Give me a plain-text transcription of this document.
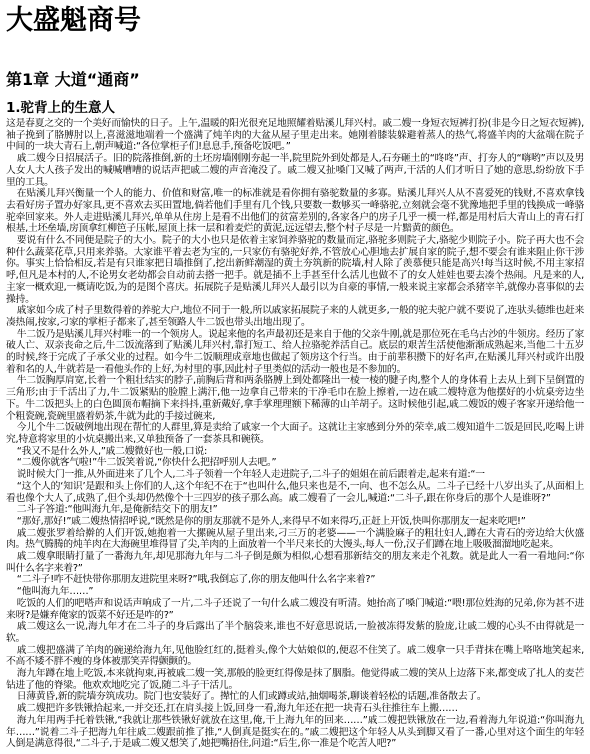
大盛魁商号
第1章 大道“通商”
1.驼背上的生意人

这是春夏之交的一个美好而愉快的日子。上午,温暖的阳光很充足地照耀着贴溪儿拜兴村。戚二嫂一身短衣短裤打扮(非是今日之短衣短裤),袖子挽到了胳膊肘以上,喜滋滋地端着一个盛满了炖羊肉的大盆从屋子里走出来。她刚着膝装躲避着蒸人的热气,将盛羊肉的大盆端在院子中间的一块大青石上,朝声喊道:“各位掌柜子们!息息手,预备吃饭吧。”

戚二嫂今日招展活子。旧的院落推倒,新的土坯房墙刚刚夯起一半,院里院外到处都是人,石夯砸土的“咚咚”声、打夯人的“嗨哟”声以及男人女人大人孩子发出的喊喊嘈嘈的说话声把戚二嫂的声音淹没了。戚二嫂又扯嗓门又喊了两声,干活的人们才听日了她的意思,纷纷放下手里的工具。

在贴溪儿拜兴衡量一个人的能力、价值和财富,唯一的标准就是看你拥有骆驼数量的多寡。贴溪儿拜兴人从不喜爱死的钱财,不喜欢拿钱去看好房子置办好家具,更不喜欢去买田置地,倘若他们手里有几个钱,只要数一数够买一峰骆驼,立刻就会毫不犹豫地把手里的钱换成一峰骆驼牵回家来。外人走进贴溪儿拜兴,单单从住房上是看不出他们的贫富差别的,各家各户的房子几乎一模一样,都是用村后大青山上的青石打根基,土坯垒墙,房顶拿红柳笆子压帐,屋顶上抹一层和着麦烂的黄泥,远远望去,整个村子尽是一片黯黄的颜色。

要说有什么不同便是院子的大小。院子的大小也只是依着主家饲养骆驼的数量而定,骆驼多则院子大,骆驼少则院子小。院子再大也不会种什么蔬菜花草,只用来养骆。大家谁平着去老为宝的,一只家仿有骆驼好养,不管放心心胆地去扩展自家的院子,想不要会有谁来阻止你干涉你。事实上恰恰相反,若是有只谁家把日墙推倒了,挖出新鲜潮湿的黄土夯筑新的院墙,村人除了羡慕便只能是高兴!每当这时候,不用主家招呼,但凡是本村的人,不论男女老幼都会自动前去搭一把手。就是插不上手甚至什么活儿也做不了的女人娃娃也要去凑个热闹。凡是来的人,主家一概欢迎,一概请吃饭,为的是图个喜庆。拓展院子是贴溪儿拜兴人最引以为自豪的事情,一般来说主家都会杀猪宰羊,就像办喜事似的去操持。

戚家如今成了村子里数得着的养驼大户,地位不同于一般,所以戚家拓展院子来的人就更多,一般的驼夫驼户就不要说了,连驮头德维也赶来凑热闹,按家,刁家的掌柜子都来了,甚至领路人牛二饭也带头出地出现了。

牛二饭乃是贴溪儿拜兴村唯一的一个领房人。说起来他的名声最初还是来自于他的父亲牛刚,就是那位死在毛乌古沙的牛领房。经历了家破人亡、双亲丧命之后,牛二饭流落到了贴溪儿拜兴村,靠打短工、给人拉骆驼养活自己。底层的艰苦生活使他渐渐成熟起来,当他二十五岁的时候,终于完成了子承父业的过程。如今牛二饭顺理成章地也做起了领房这个行当。由于前辈积攒下的好名声,在贴溪儿拜兴村或许出殷着和名的人,牛就若是一看他头作的上好,为村里的事,因此村子里类似的活动一般也是不参加的。

牛二饭胸厚肩宽,长着一个粗壮结实的脖子,前胸后背和两条胳膊上到处都隆出一棱一棱的腱子肉,整个人的身体看上去从上到下呈倒置的三角形;由于千活出了力,牛二饭紧贴的脸膛上满汗,他一边拿自己带来的干净毛巾在脸上擦着,一边在戚二嫂特意为他摆好的小炕桌旁边坐下。牛二饭把头上的白色圆顶布帽摘下来抖抖,重新戴好,拿手掌理理额下稀薄的山羊胡子。这时候他引起,戚二嫂饭的嫂子客家开递给他一个粗瓷碗,瓷碗里盛着奶茶,牛就为此的手接过碗来,

今儿个牛二饭破例地出现在帮忙的人群里,算是卖给了戚家一个大面子。这就让主家感到分外的荣幸,戚二嫂知道牛二饭是回民,吃喝上讲究,特意将家里的小炕桌搬出来,又单独预备了一套茶具和碗筷。

“我又不是什么外人,”戚二嫂微好也一般,口说:

“二嫂你就客气啦!”牛二饭笑着说,“你快什么把招呼别人去吧。”

说时候大门一推,从外面进来了几个人,二斗子领着一个年轻人走进院子,二斗子的姐姐在前后跟着走,起来有道:“一

“这个人的‘知识’是跟和头上你们的人,这个年纪不在于“也叫什么,他只来也是不,一向、也不怎么从。二斗子已经十八岁出头了,从面相上看也像个大人了,成熟了,但个头却仍然像个十三四岁的孩子那么高。戚二嫂看了一会儿,喊道:“二斗子,跟在你身后的那个人是谁呀?”

二斗子答道:“他叫海九年,是俺新结交下的朋友!”

“那好,那好!”戚二嫂热情招呼说,“既然是你的朋友那就不是外人,来得早不如来得巧,正赶上开饭,快叫你那朋友一起来吃吧!”

戚二嫂张罗着给擀的人们开饭,她抱着一大摞碗从屋子里出来,刁三万的老婆——一个满脸麻子的粗壮妇人,蹲在大青石的旁边给大伙盛肉。热气腾腾的炖羊肉在大海碗里堆得冒了尖,羊肉的上面放着一个半尺来长的大馒头,每人一份,汉子们蹲在地上吸吸溜溜地吃起来。

戚二嫂拿眼睛打量了一番海九年,却见那海九年与二斗子倒是颇为相似,心想看那新结交的朋友来走个礼数。就是此人一看一看地问:“你叫什么名字来着?”

“二斗子!咋不赶快带你那朋友进院里来呀?”哦,我倒忘了,你的朋友他叫什么名字来着?”

“他叫海九年……”

吃饭的人们的吧嗒声和说话声响成了一片,二斗子还说了一句什么戚二嫂没有听清。她抬高了嗓门喊道:“喂!那位姓海的兄弟,你为甚不进来呀?是嫌弃俺家的饭菜不好还是咋的?”

戚二嫂这么一说,海九年才在二斗子的身后露出了半个脑袋来,谁也不好意思说话,一脸被冻得发紫的脸庞,让戚二嫂的心头不由得就是一软。

戚二嫂把盛满了羊肉的碗递给海九年,见他脸红红的,挺着头,像个大姑娘似的,便忍不住笑了。戚二嫂拿一只手背抹在嘴上咯咯地笑起来,不高不矮不胖不瘦的身体被那笑弄得颤颤的。

海九年蹲在地上吃饭,本来就拘束,再被戚二嫂一笑,那般的脸更红得像是抹了胭脂。他觉得戚二嫂的笑从上边落下来,都变成了扎人的麦芒钻进了他的脊梁。他欢欢地吃完了饭,随二斗子干活儿。

日薄黄昏,新的院墙夯筑成功。院门也安装好了。撵忙的人们或蹲或站,抽烟喝茶,聊谈着轻松的话题,准备散去了。

戚二嫂把许多铁锹拾起来,一并交还,扛在肩头接上饭,回身一看,海九年还在把一块青石头往推往车上搬……

海九年用两手托着铁锹,“我就让那些铁锹好就放在这里,俺,干上海九年的回来……”戚二嫂把铁锹放在一边,看着海九年说道:“你叫海九年……”说着二斗子把海九年往戚二嫂跟前推了推,“人倒真是挺实在的。”戚二嫂把这个年轻人从头到脚又看了一番,心里对这个面生的年轻人倒是满意得很,“二斗子,于是戚二嫂又想笑了,她把嘴捂住,问道:“后生,你一准是个吃苦人吧?”
